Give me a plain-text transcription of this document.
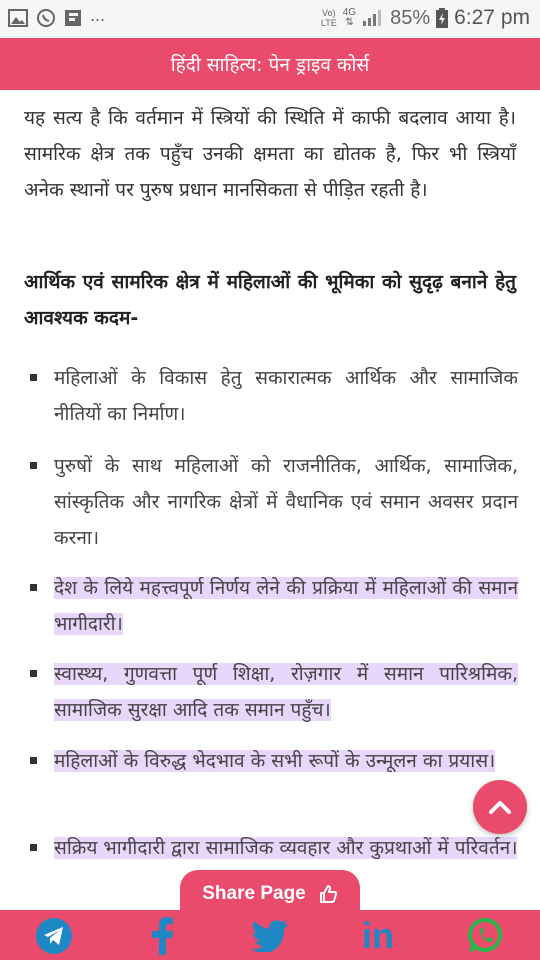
...	Vo)
LTE
4G
⇅ 85% 6:27 pm
हिंदी साहित्य: पेन ड्राइव कोर्स

यह सत्य है कि वर्तमान में स्त्रियों की स्थिति में काफी बदलाव आया है। सामरिक क्षेत्र तक पहुँच उनकी क्षमता का द्योतक है, फिर भी स्त्रियाँ अनेक स्थानों पर पुरुष प्रधान मानसिकता से पीड़ित रहती है।

आर्थिक एवं सामरिक क्षेत्र में महिलाओं की भूमिका को सुदृढ़ बनाने हेतु आवश्यक कदम-

महिलाओं के विकास हेतु सकारात्मक आर्थिक और सामाजिक नीतियों का निर्माण।
पुरुषों के साथ महिलाओं को राजनीतिक, आर्थिक, सामाजिक, सांस्कृतिक और नागरिक क्षेत्रों में वैधानिक एवं समान अवसर प्रदान करना।
देश के लिये महत्त्वपूर्ण निर्णय लेने की प्रक्रिया में महिलाओं की समान भागीदारी।
स्वास्थ्य, गुणवत्ता पूर्ण शिक्षा, रोज़गार में समान पारिश्रमिक, सामाजिक सुरक्षा आदि तक समान पहुँच।
महिलाओं के विरुद्ध भेदभाव के सभी रूपों के उन्मूलन का प्रयास।
सक्रिय भागीदारी द्वारा सामाजिक व्यवहार और कुप्रथाओं में परिवर्तन।
Share Page
in
